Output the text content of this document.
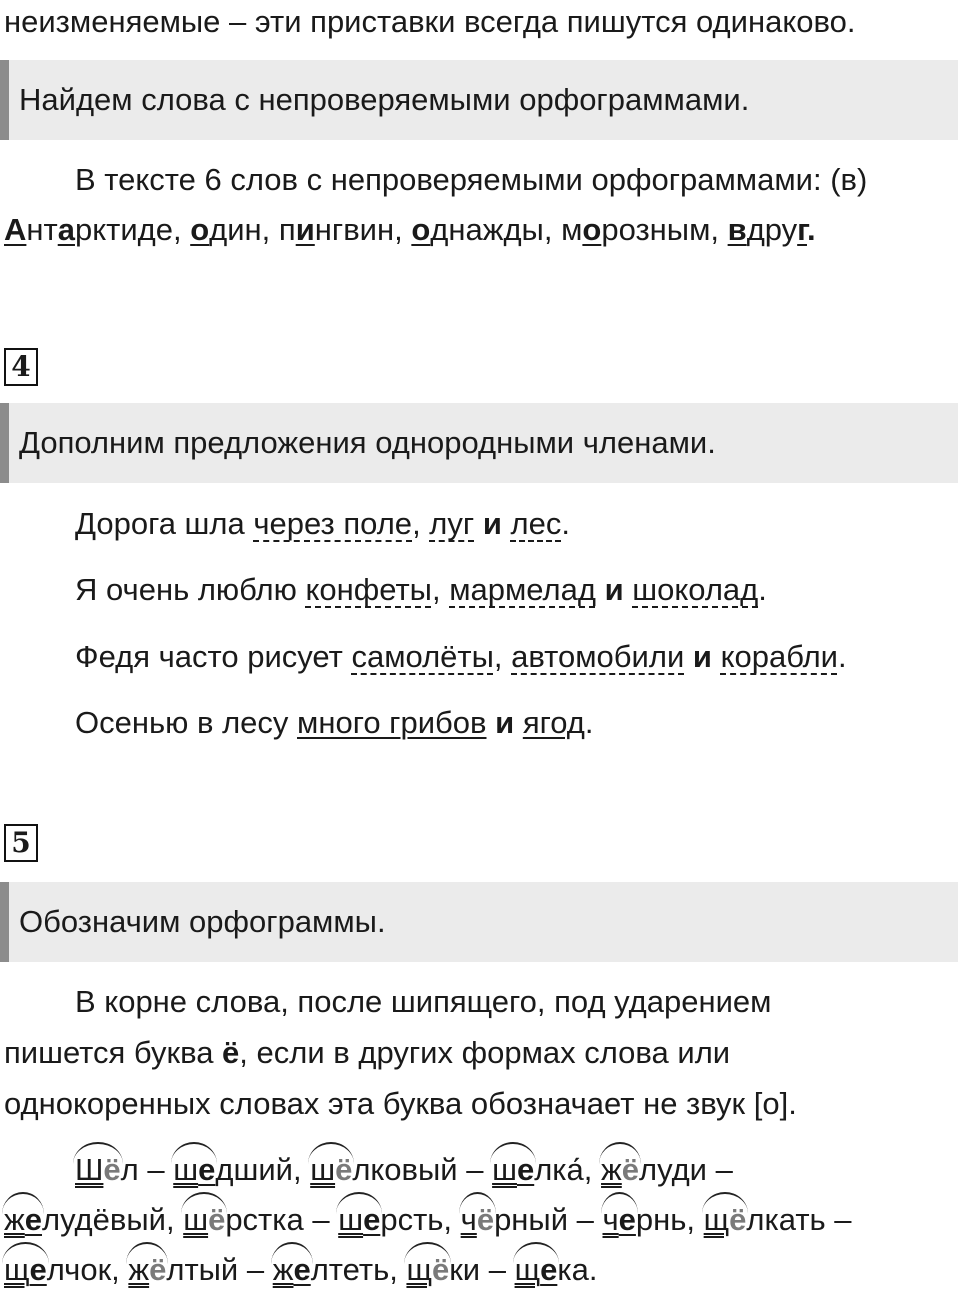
неизменяемые – эти приставки всегда пишутся одинаково.
Найдем слова с непроверяемыми орфограммами.
В тексте 6 слов с непроверяемыми орфограммами: (в)
Антарктиде, один, пингвин, однажды, морозным, вдруг.
4
Дополним предложения однородными членами.
Дорога шла через поле, луг и лес.
Я очень люблю конфеты, мармелад и шоколад.
Федя часто рисует самолёты, автомобили и корабли.
Осенью в лесу много грибов и ягод.
5
Обозначим орфограммы.
В корне слова, после шипящего, под ударением
пишется буква ё, если в других формах слова или
однокоренных словах эта буква обозначает не звук [о].
Шёл – шедший, шёлковый – шелка́, жёлуди –
желудёвый, шёрстка – шерсть, чёрный – чернь, щёлкать –
щелчок, жёлтый – желтеть, щёки – щека.
